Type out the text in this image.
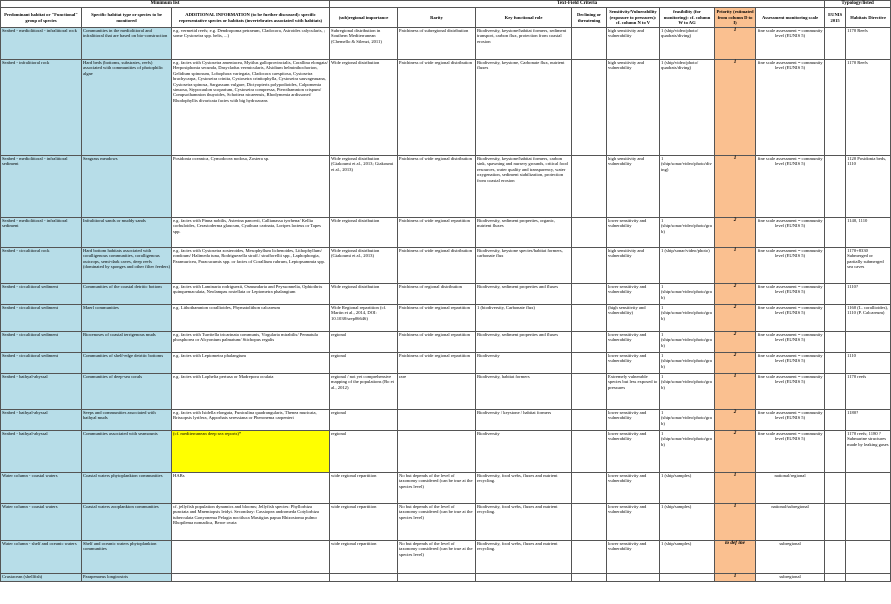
Minimum list			Text-Field Criteria								Typology/listed	
Predominant habitat or "Functional" group of species	Specific habitat type or species to be monitored	ADDITIONAL INFORMATION (to be further discussed): specific representative species or habitats (invertebrates associated with habitats)	(sub)regional importance	Rarity	Key functional role	Declining or threatening	Sensitivity/Vulnerability (exposure to pressures): cf. column N to V	feasibility (for monitoring): cf. column W to AG	Priority (estimated from column D to I)	Assessment monitoring scale	EUNIS 2015	Habitats Directive
Seabed - mediolittoral - infralittoral rock	Communities in the mediolittoral and infralittoral that are based on bio-construction	e.g. vermetid reefs; e.g. Dendropoma petraeum, Cladocora, Astroides calycularis, ; some Cystoseira spp. belts, ...)	Subregional distribution in Southern Mediterranean (Chemello & Silenzi, 2011)	Patchiness of subregional distribution	Biodiversity, keystone/habitat formers, sediment transport, carbon flux, protection from coastal erosion		high sensitivity and vulnerability	1 (ship/video/photo/ quadrats/diving)	1	fine scale assessment = community level (EUNIS 5)		1170 Reefs
Seabed - infralittoral rock	Hard beds (bottoms, substrates, reefs) associated with communities of photophilic algae	e.g. facies with Cystoseira amentacea, Mytilus galloprovincialis, Corallina elongata/ Herposiphonia secunda, Dasycladus vermicularis, Alsidium helminthochorton, Gelidium spinosum, Lobophora variegata, Cladocora caespitosa, Cystoseira brachycarpa, Cystoseira crinita, Cystoseira crinitophylla, Cystoseira sauvageauana, Cystoseira spinosa, Sargassum vulgare, Dictyopteris polypodioides, Calpomenia sinuosa, Stypocaulon scoparium, Cystoseira compressa, Pterothamnion crispum/ Compsothamnion thuyoides, Schottera nicaeensis, Rhodymenia ardissonei/ Rhodophyllis divaricata facies with big hydrozoans	Wide regional distribution	Patchiness of wide regional distribution	Biodiversity, keystone, Carbonate flux, nutrient fluxes		high sensitivity and vulnerability	1 (ship/video/photo/ quadrats/diving)	1	fine scale assessment = community level (EUNIS 5)		1170 Reefs
Seabed - mediolittoral - infralittoral sediment	Seagrass meadows	Posidonia oceanica, Cymodocea nodosa, Zostera sp.	Wide regional distribution (Giakoumi et al., 2013; Giakoumi et al., 2013)	Patchiness of wide regional distribution	Biodiversity, keystone/habitat formers, carbon sink, spawning and nursery grounds, critical food resources, water quality and transparency, water oxygenation, sediment stabilization, protection from coastal erosion		high sensitivity and vulnerability	1 (ship/sonar/video/photo/diving)	1	fine scale assessment = community level (EUNIS 5)		1120 Posidonia beds, 1110
Seabed - mediolittoral - infralittoral sediment	Infralittoral sands or muddy sands	e.g. facies with Pinna nobilis, Asterina pancerii, Callianassa tyrrhena/ Kellia corbuloides, Cerastoderma glaucum, Cyathura carinata, Loripes lacteus or Tapes spp.	Wide regional distribution	Patchiness of wide regional repartition	Biodiversity, sediment properties, organic, nutrient fluxes		lower sensitivity and vulnerability	1 (ship/sonar/video/photo/grab)	2	fine scale assessment = community level (EUNIS 5)		1140, 1110
Seabed - circalittoral rock	Hard bottom habitats associated with coralligenous communities, coralligenous outcrops, semi-dark caves, deep reefs (dominated by sponges and other filter feeders)	e.g. facies with Cystoseira zosteroides, Mesophyllum lichenoides, Lithophyllum/ rondoum/ Halimeda tuna, Rodriguezella straff./ strafforellii spp., Laphophorgia, Paramuricea, Paracucumis spp. or facies of Corallium rubrum, Leptopsammia spp.	Wide regional distribution (Giakoumi et al., 2013)	Patchiness of wide regional distribution	Biodiversity, keystone species/habitat formers, carbonate flux		high sensitivity and vulnerability	1 (ship/sonar/video/photo)	1	fine scale assessment = community level (EUNIS 5)		1170+8330 Submerged or partially submerged sea caves
Seabed - circalittoral sediment	Communities of the coastal detritic bottom	e.g. facies with Laminaria rodriguezii, Osmundaria and Peyssonnelia, Ophiothrix quinquemaculata, Neolampas rostellata or Leptometra phalangium	Wide regional distribution	Patchiness of regional distribution	Biodiversity, sediment properties and fluxes		lower sensitivity and vulnerability	1 (ship/sonar/video/photo/grab)	2	fine scale assessment = community level (EUNIS 5)		1110?
Seabed - circalittoral sediment	Maerl communities	e.g. Lithothamnion corallioides, Phymatolithon calcareum	Wide Regional repartition (cf. Martin et al., 2014, DOI: 10.1038/srep06646)	Patchiness of wide regional repartition	1 (biodiversity, Carbonate flux)		(high sensitivity and vulnerability)	1 (ship/sonar/video/photo/grab)	2	fine scale assessment = community level (EUNIS 5)		1160 (L. corallioides), 1110 (P. Calcareum)
Seabed - circalittoral sediment	Biocenoses of coastal terrigenous muds	e.g. facies with Turritella tricarinata communis, Virgularia mirabilis/ Pennatula phosphorea or Alcyonium palmatum/ Stichopus regalis	regional	Patchiness of wide regional repartition	Biodiversity, sediment properties and fluxes		lower sensitivity and vulnerability	1 (ship/sonar/video/photo/grab)	2	fine scale assessment = community level (EUNIS 5)		
Seabed - circalittoral sediment	Communities of shelf-edge detritic bottoms	e.g. facies with Leptometra phalangium	regional	Patchiness of wide regional repartition	Biodiversity		lower sensitivity and vulnerability	1 (ship/sonar/video/photo/grab)	2	fine scale assessment = community level (EUNIS 5)		1110
Seabed - bathyal-abyssal	Communities of deep-sea corals	e.g. facies with Lophelia pertusa or Madrepora oculata	regional / not yet comprehensive mapping of the populations (Bo et al., 2012)	rare	Biodiversity, habitat formers		Extremely vulnerable species but less exposed to pressures	1 (ship/sonar/video/photo/grab)	1	fine scale assessment = community level (EUNIS 5)		1170 reefs
Seabed - bathyal-abyssal	Seeps and communities associated with bathyal muds	e.g. facies with Isidella elongata, Funiculina quadrangularis, Thenea muricata, Brissopsis lyrifera, Apporhais seressiana or Pheronema carpenteri	regional		Biodiversity / keystone / habitat formers		lower sensitivity and vulnerability	1 (ship/sonar/video/photo/grab)	2	fine scale assessment = community level (EUNIS 5)		1180?
Seabed - bathyal-abyssal	Communities associated with seamounts	(cf. mediterranean deep sea reports)*	regional		Biodiversity		lower sensitivity and vulnerability	1 (ship/sonar/video/photo/grab)	2	fine scale assessment = community level (EUNIS 5)		1170 reefs; 1180 ? Submarine structures made by leaking gases
Water column - coastal waters	Coastal waters phytoplankton communities	HABs	wide regional repartition	No but depends of the level of taxonomy considered (can be true at the species level)	Biodiversity, food webs, fluxes and nutrient recycling.		lower sensitivity and vulnerability	1 (ship/samples)	1	national/regional		
Water column - coastal waters	Coastal waters zooplankton communities	cf. jellyfish population dynamics and blooms; Jellyfish species: Phyllorhiza punctata and Mnemiopsis leidyi. Secondary: Cassiopea andromeda Cotylorhiza tuberculata Gonyonema Pelagia noctiluca Mastigias papua Rhizostoma pulmo Rhopilema nomadica, Beroe ovata	wide regional repartition	No but depends of the level of taxonomy considered (can be true at the species level)	Biodiversity, food webs, fluxes and nutrient recycling.		lower sensitivity and vulnerability	1 (ship/samples)	1	national/subregional		
Water column - shelf and oceanic waters	Shelf and oceanic waters phytoplankton communities		wide regional repartition	No but depends of the level of taxonomy considered (can be true at the species level)	Biodiversity, food webs, fluxes and nutrient recycling.		lower sensitivity and vulnerability	1 (ship/samples)	to def ine	subregional		
Crustacean (shellfish)	Parapenaeus longirostris								1	subregional		
